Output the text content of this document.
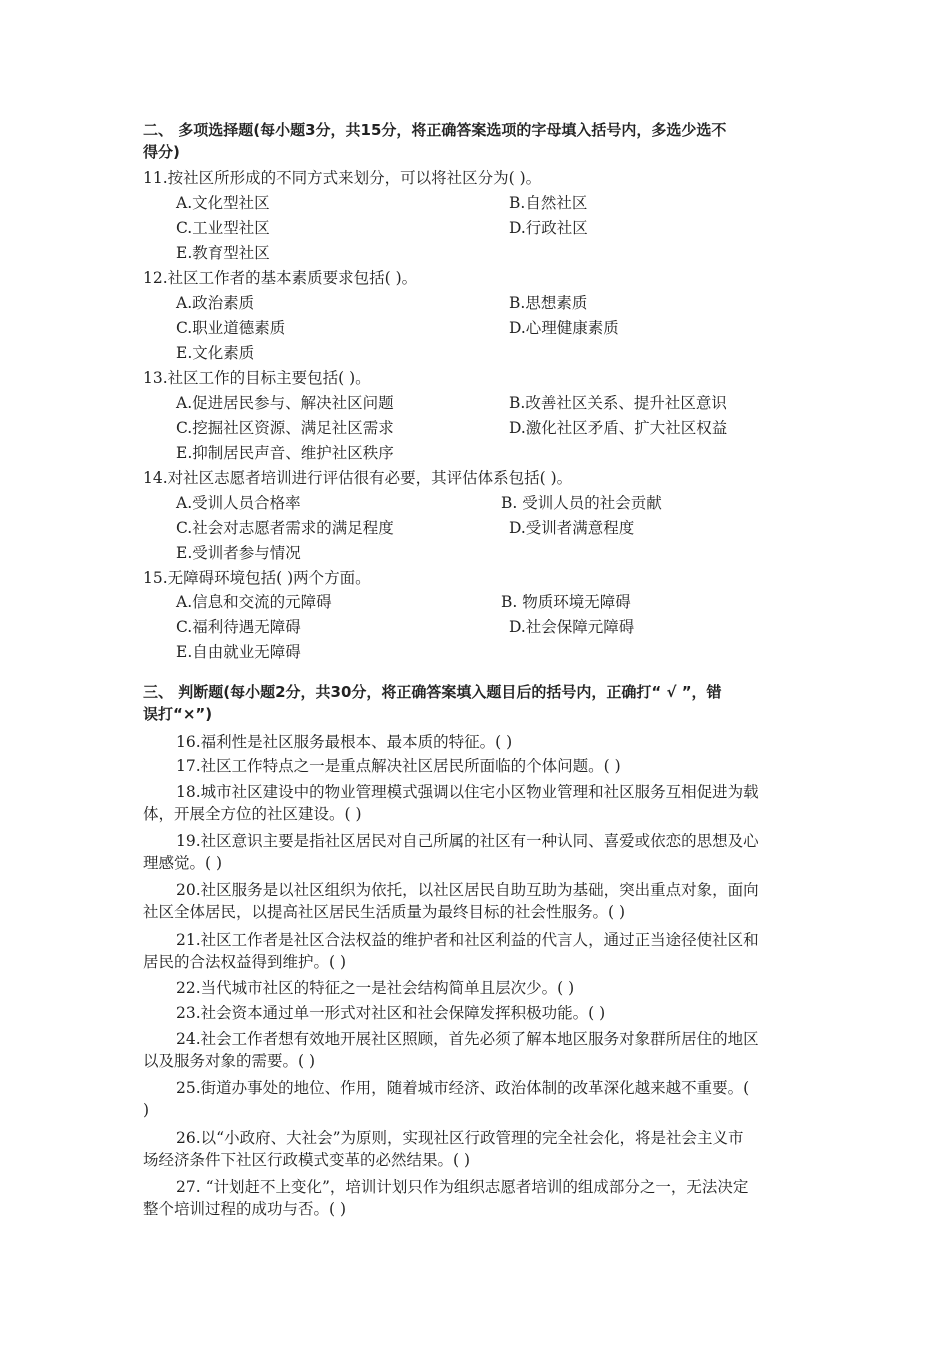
二、 多项选择题(每小题3分，共15分，将正确答案选项的字母填入括号内，多选少选不
得分)
11.按社区所形成的不同方式来划分，可以将社区分为( )。
A.文化型社区	B.自然社区
C.工业型社区	D.行政社区
E.教育型社区
12.社区工作者的基本素质要求包括( )。
A.政治素质	B.思想素质
C.职业道德素质	D.心理健康素质
E.文化素质
13.社区工作的目标主要包括( )。
A.促进居民参与、解决社区问题	B.改善社区关系、提升社区意识
C.挖掘社区资源、满足社区需求	D.激化社区矛盾、扩大社区权益
E.抑制居民声音、维护社区秩序
14.对社区志愿者培训进行评估很有必要，其评估体系包括( )。
A.受训人员合格率	B. 受训人员的社会贡献
C.社会对志愿者需求的满足程度	D.受训者满意程度
E.受训者参与情况
15.无障碍环境包括( )两个方面。
A.信息和交流的元障碍	B. 物质环境无障碍
C.福利待遇无障碍	D.社会保障元障碍
E.自由就业无障碍
三、 判断题(每小题2分，共30分，将正确答案填入题目后的括号内，正确打“ √ ”，错
误打“×”)
16.福利性是社区服务最根本、最本质的特征。( )
17.社区工作特点之一是重点解决社区居民所面临的个体问题。( )
18.城市社区建设中的物业管理模式强调以住宅小区物业管理和社区服务互相促进为载
体，开展全方位的社区建设。( )
19.社区意识主要是指社区居民对自己所属的社区有一种认同、喜爱或依恋的思想及心
理感觉。( )
20.社区服务是以社区组织为依托，以社区居民自助互助为基础，突出重点对象，面向
社区全体居民，以提高社区居民生活质量为最终目标的社会性服务。( )
21.社区工作者是社区合法权益的维护者和社区利益的代言人，通过正当途径使社区和
居民的合法权益得到维护。( )
22.当代城市社区的特征之一是社会结构简单且层次少。( )
23.社会资本通过单一形式对社区和社会保障发挥积极功能。( )
24.社会工作者想有效地开展社区照顾，首先必须了解本地区服务对象群所居住的地区
以及服务对象的需要。( )
25.街道办事处的地位、作用，随着城市经济、政治体制的改革深化越来越不重要。(
)
26.以“小政府、大社会”为原则，实现社区行政管理的完全社会化，将是社会主义市
场经济条件下社区行政模式变革的必然结果。( )
27. “计划赶不上变化”，培训计划只作为组织志愿者培训的组成部分之一，无法决定
整个培训过程的成功与否。( )
